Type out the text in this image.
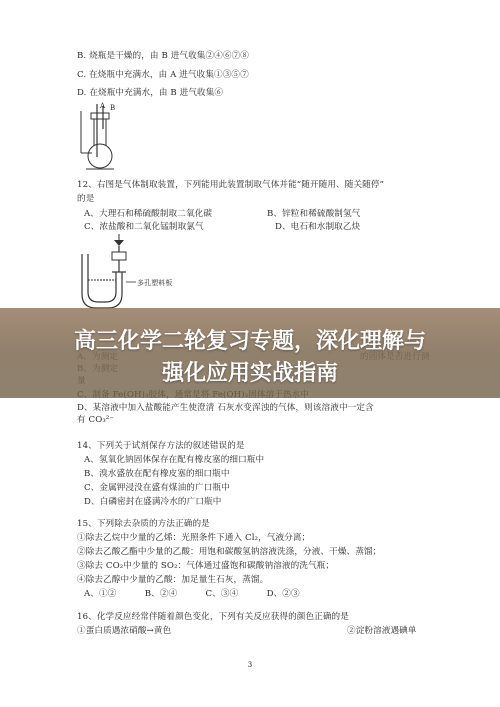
B. 烧瓶是干燥的，由 B 进气收集②④⑥⑦⑧
C. 在烧瓶中充满水，由 A 进气收集①③⑤⑦
D. 在烧瓶中充满水，由 B 进气收集⑥
A B
12、右图是气体制取装置，下列能用此装置制取气体并能“随开随用、随关随停”
的是
A、大理石和稀硫酸制取二氧化碳	B、锌粒和稀硫酸制氢气
C、浓盐酸和二氧化锰制取氯气	D、电石和水制取乙炔
多孔塑料板
D、某溶液中加入盐酸能产生使澄清 石灰水变浑浊的气体，则该溶液中一定含
有 CO₃²⁻
14、下列关于试剂保存方法的叙述错误的是
A、氢氧化钠固体保存在配有橡皮塞的细口瓶中
B、溴水盛放在配有橡皮塞的细口瓶中
C、金属钾浸没在盛有煤油的广口瓶中
D、白磷密封在盛满冷水的广口瓶中
15、下列除去杂质的方法正确的是
①除去乙烷中少量的乙烯：光照条件下通入 Cl₂，气液分离；
②除去乙酸乙酯中少量的乙酸：用饱和碳酸氢钠溶液洗涤，分液、干燥、蒸馏；
③除去 CO₂中少量的 SO₂：气体通过盛饱和碳酸钠溶液的洗气瓶；
④除去乙醇中少量的乙酸：加足量生石灰，蒸馏。
A、①②          B、②④          C、③④          D、②③
16、化学反应经常伴随着颜色变化，下列有关反应获得的颜色正确的是
①蛋白质遇浓硝酸→黄色	②淀粉溶液遇碘单
3
高三化学二轮复习专题，深化理解与
强化应用实战指南
